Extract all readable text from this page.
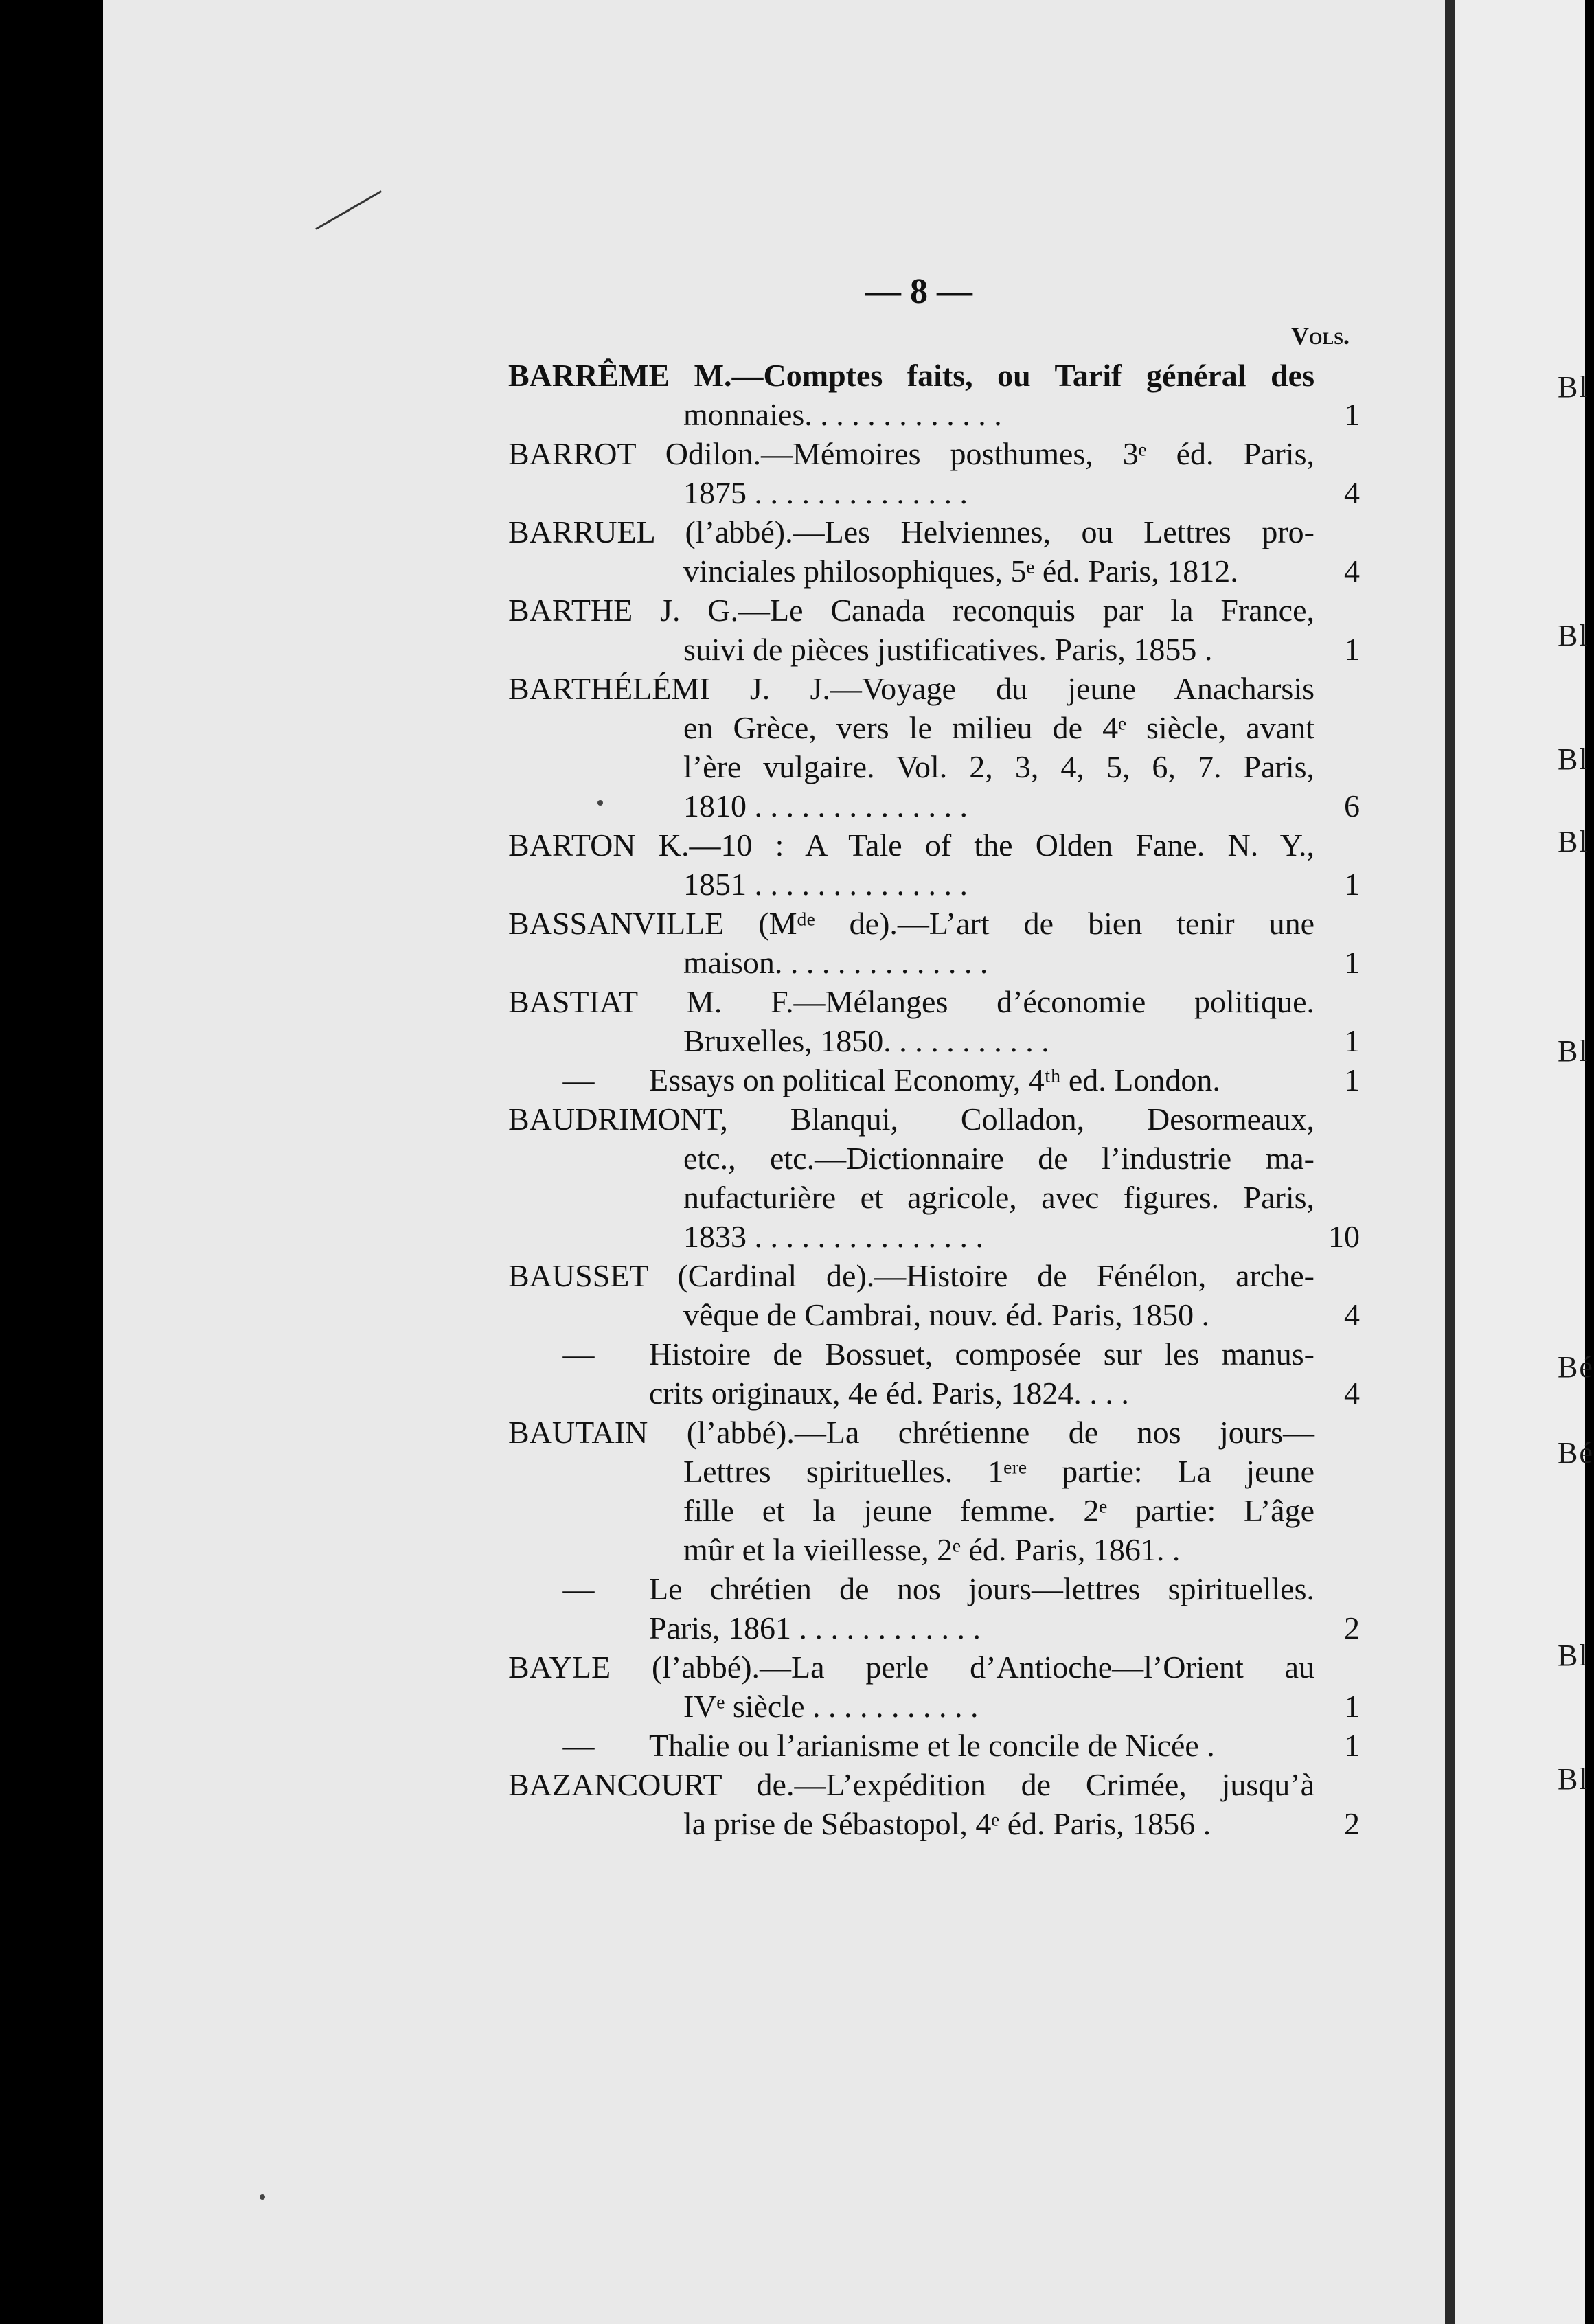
Bl
Bl
Bl
Bl
Bl
Bé
Bé
Bl
Bl
— 8 —
Vols.
BARRÊME M.—Comptes faits, ou Tarif général des
monnaies. . . . . . . . . . . . .	1
BARROT Odilon.—Mémoires posthumes, 3ᵉ éd. Paris,
1875 . . . . . . . . . . . . . .	4
BARRUEL (l’abbé).—Les Helviennes, ou Lettres pro-
vinciales philosophiques, 5ᵉ éd. Paris, 1812.	4
BARTHE J. G.—Le Canada reconquis par la France,
suivi de pièces justificatives. Paris, 1855 .	1
BARTHÉLÉMI J. J.—Voyage du jeune Anacharsis
en Grèce, vers le milieu de 4ᵉ siècle, avant
l’ère vulgaire. Vol. 2, 3, 4, 5, 6, 7. Paris,
1810 . . . . . . . . . . . . . .	6
BARTON K.—10 : A Tale of the Olden Fane. N. Y.,
1851 . . . . . . . . . . . . . .	1
BASSANVILLE (Mᵈᵉ de).—L’art de bien tenir une
maison. . . . . . . . . . . . . .	1
BASTIAT M. F.—Mélanges d’économie politique.
Bruxelles, 1850. . . . . . . . . . .	1
—	Essays on political Economy, 4ᵗʰ ed. London.	1
BAUDRIMONT, Blanqui, Colladon, Desormeaux,
etc., etc.—Dictionnaire de l’industrie ma-
nufacturière et agricole, avec figures. Paris,
1833 . . . . . . . . . . . . . . .	10
BAUSSET (Cardinal de).—Histoire de Fénélon, arche-
vêque de Cambrai, nouv. éd. Paris, 1850 .	4
—	Histoire de Bossuet, composée sur les manus-
crits originaux, 4e éd. Paris, 1824. . . .	4
BAUTAIN (l’abbé).—La chrétienne de nos jours—
Lettres spirituelles. 1ᵉʳᵉ partie: La jeune
fille et la jeune femme. 2ᵉ partie: L’âge
mûr et la vieillesse, 2ᵉ éd. Paris, 1861. .
—	Le chrétien de nos jours—lettres spirituelles.
Paris, 1861 . . . . . . . . . . . .	2
BAYLE (l’abbé).—La perle d’Antioche—l’Orient au
IVᵉ siècle . . . . . . . . . . .	1
—	Thalie ou l’arianisme et le concile de Nicée .	1
BAZANCOURT de.—L’expédition de Crimée, jusqu’à
la prise de Sébastopol, 4ᵉ éd. Paris, 1856 .	2
